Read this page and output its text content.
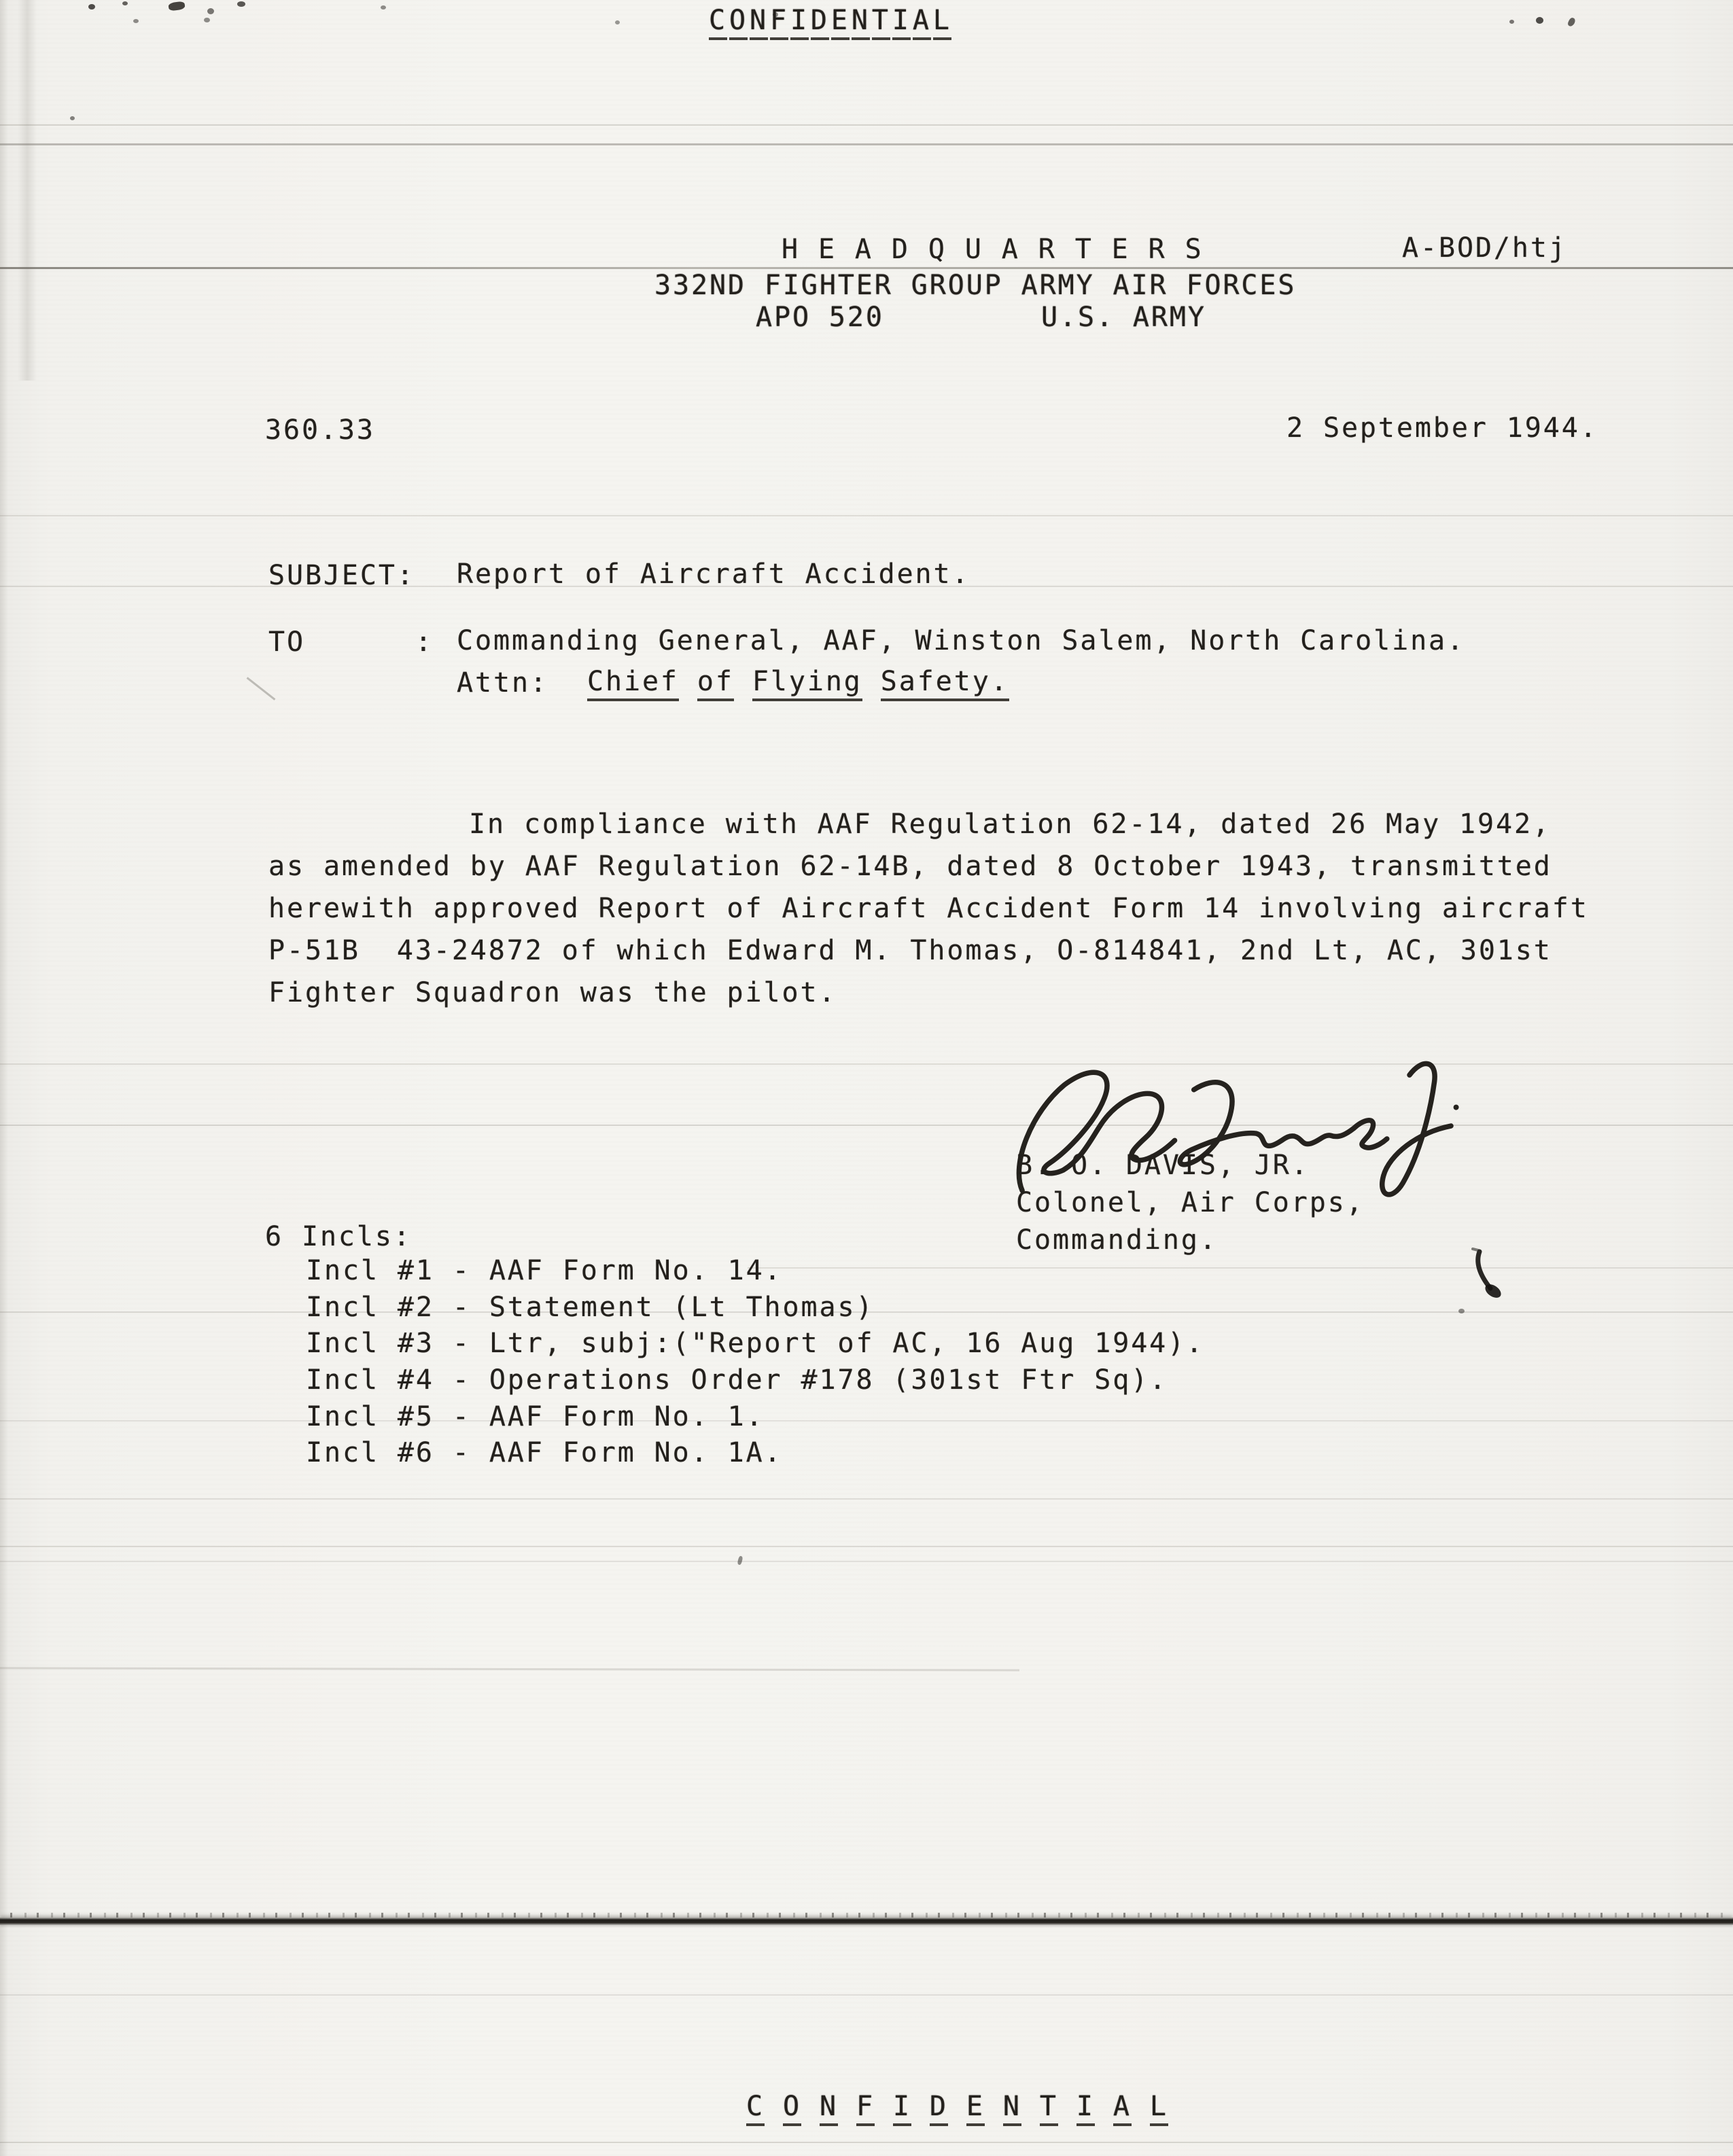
CONFIDENTIAL
H E A D Q U A R T E R S	A-BOD/htj
332ND FIGHTER GROUP ARMY AIR FORCES
APO 520	U.S. ARMY
360.33	2 September 1944.
SUBJECT: Report of Aircraft Accident.
TO      : Commanding General, AAF, Winston Salem, North Carolina.
Attn: Chief of Flying Safety.
In compliance with AAF Regulation 62-14, dated 26 May 1942,
as amended by AAF Regulation 62-14B, dated 8 October 1943, transmitted
herewith approved Report of Aircraft Accident Form 14 involving aircraft
P-51B  43-24872 of which Edward M. Thomas, O-814841, 2nd Lt, AC, 301st
Fighter Squadron was the pilot.
B. O. DAVIS, JR.
Colonel, Air Corps,
Commanding.
6 Incls:
Incl #1 - AAF Form No. 14.
Incl #2 - Statement (Lt Thomas)
Incl #3 - Ltr, subj:("Report of AC, 16 Aug 1944).
Incl #4 - Operations Order #178 (301st Ftr Sq).
Incl #5 - AAF Form No. 1.
Incl #6 - AAF Form No. 1A.
C O N F I D E N T I A L
